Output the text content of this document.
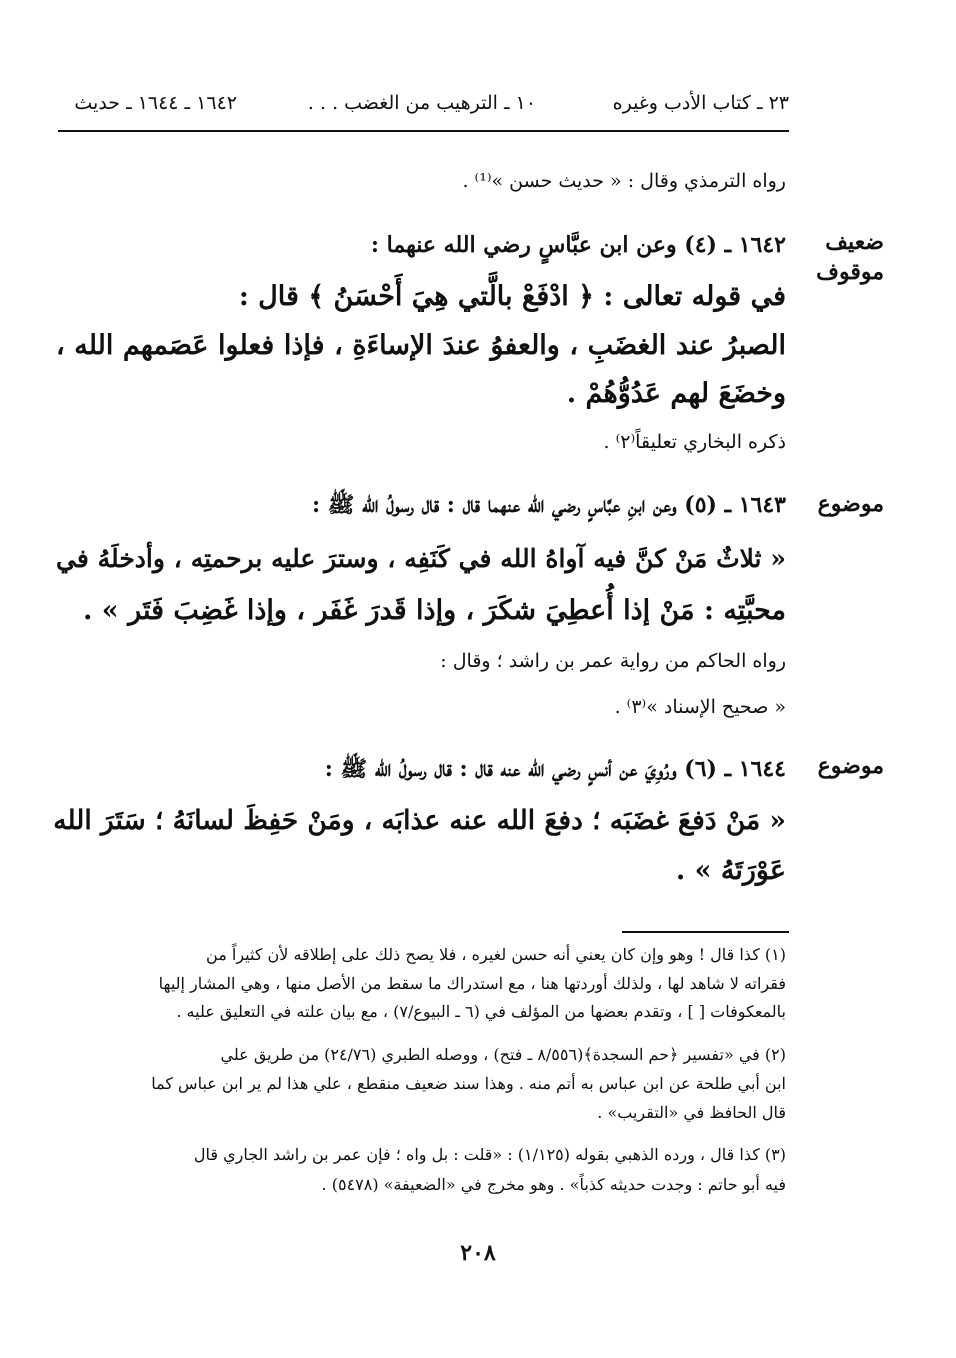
٢٣ ـ كتاب الأدب وغيره
١٠ ـ الترهيب من الغضب . . .
١٦٤٢ ـ ١٦٤٤ ـ حديث
رواه الترمذي وقال : « حديث حسن »⁽¹⁾ .
ضعيف
موقوف
١٦٤٢ ـ (٤) وعن ابن عبَّاسٍ رضي الله عنهما :
في قوله تعالى : ﴿ ادْفَعْ بالَّتي هِيَ أَحْسَنُ ﴾ قال :
الصبرُ عند الغضَبِ ، والعفوُ عندَ الإساءَةِ ، فإذا فعلوا عَصَمهم الله ،
وخضَعَ لهم عَدُوُّهُمْ .
ذكره البخاري تعليقاً⁽٢⁾ .
موضوع
١٦٤٣ ـ (٥) وعن ابنِ عبَّاسٍ رضي الله عنهما قال : قال رسولُ الله ﷺ :
« ثلاثٌ مَنْ كنَّ فيه آواهُ الله في كَنَفِه ، وسترَ عليه برحمتِه ، وأدخلَهُ في
محبَّتِه : مَنْ إذا أُعطِيَ شكَرَ ، وإذا قَدرَ غَفَر ، وإذا غَضِبَ فَتَر » .
رواه الحاكم من رواية عمر بن راشد ؛ وقال :
« صحيح الإسناد »⁽٣⁾ .
موضوع
١٦٤٤ ـ (٦) ورُوِيَ عن أنسٍ رضي الله عنه قال : قال رسولُ الله ﷺ :
« مَنْ دَفعَ غضَبَه ؛ دفعَ الله عنه عذابَه ، ومَنْ حَفِظَ لسانَهُ ؛ سَتَرَ الله
عَوْرَتَهُ » .
(١) كذا قال ! وهو وإن كان يعني أنه حسن لغيره ، فلا يصح ذلك على إطلاقه لأن كثيراً من
فقراته لا شاهد لها ، ولذلك أوردتها هنا ، مع استدراك ما سقط من الأصل منها ، وهي المشار إليها
بالمعكوفات [ ] ، وتقدم بعضها من المؤلف في (٦ ـ البيوع/٧) ، مع بيان علته في التعليق عليه .
(٢) في «تفسير ﴿حم السجدة﴾(٨/٥٥٦ ـ فتح) ، ووصله الطبري (٢٤/٧٦) من طريق علي
ابن أبي طلحة عن ابن عباس به أتم منه . وهذا سند ضعيف منقطع ، علي هذا لم ير ابن عباس كما
قال الحافظ في «التقريب» .
(٣) كذا قال ، ورده الذهبي بقوله (١/١٢٥) : «قلت : بل واه ؛ فإن عمر بن راشد الجاري قال
فيه أبو حاتم : وجدت حديثه كذباً» . وهو مخرج في «الضعيفة» (٥٤٧٨) .
٢٠٨
